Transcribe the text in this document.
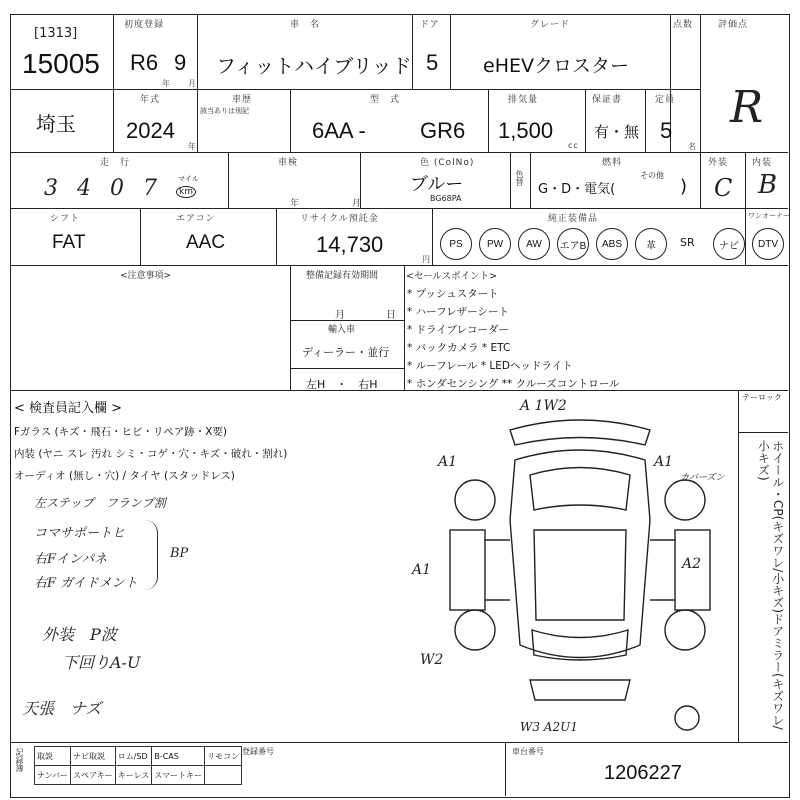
[1313]
15005
初度登録
R6 9
年 月
車　名
フィットハイブリッド
ドア
5
グレード
eHEVクロスター
点数	評価点
R
埼玉
年式
2024
年
車歴
該当ありは別記
型　式
6AA - GR6
排気量
1,500
cc
保証書
有・無
定員
5
名
走　行
3 4 0 7 マイル
km
車検
年	月
色 (ColNo)
ブルー
BG68PA
色替
燃料
G・D・電気(
その他
)
外装
C
内装
B
シフト
FAT
エアコン
AAC
リサイクル預託金
14,730
円
純正装備品	ワンオーナー
PS	PW	AW	エアB	ABS	革	SR	ナビ	DTV
<注意事項>	整備記録有効期間
月	日
輸入車
ディーラー・並行
左H　・　右H
<セールスポイント>
* プッシュスタート
* ハーフレザーシート
* ドライブレコーダー
* バックカメラ * ETC
* ルーフレール * LEDヘッドライト
* ホンダセンシング ** クルーズコントロール
< 検査員記入欄 >
Fガラス (キズ・飛石・ヒビ・リペア跡・X要)
内装 (ヤニ スレ 汚れ シミ・コゲ・穴・キズ・破れ・割れ)
オーディオ (無し・穴) / タイヤ (スタッドレス)
左ステップ　フランプ割
コマサポートヒ
右Fインパネ
右F ガイドメント
BP
外装　P波
下回りA-U
天張　ナズ
A 1W2
A1	A1
カバーズン
A1	A2
W2
W3 A2U1
テーロック
ホイール・CP(キズワレ/小キズ)ドアミラー(キズワレ/小キズ)
記録簿 取説	ナビ取説	ロム/SD	B-CAS	リモコン
ナンバー	スペアキー	キーレス	スマートキー	
登録番号	車台番号
1206227
